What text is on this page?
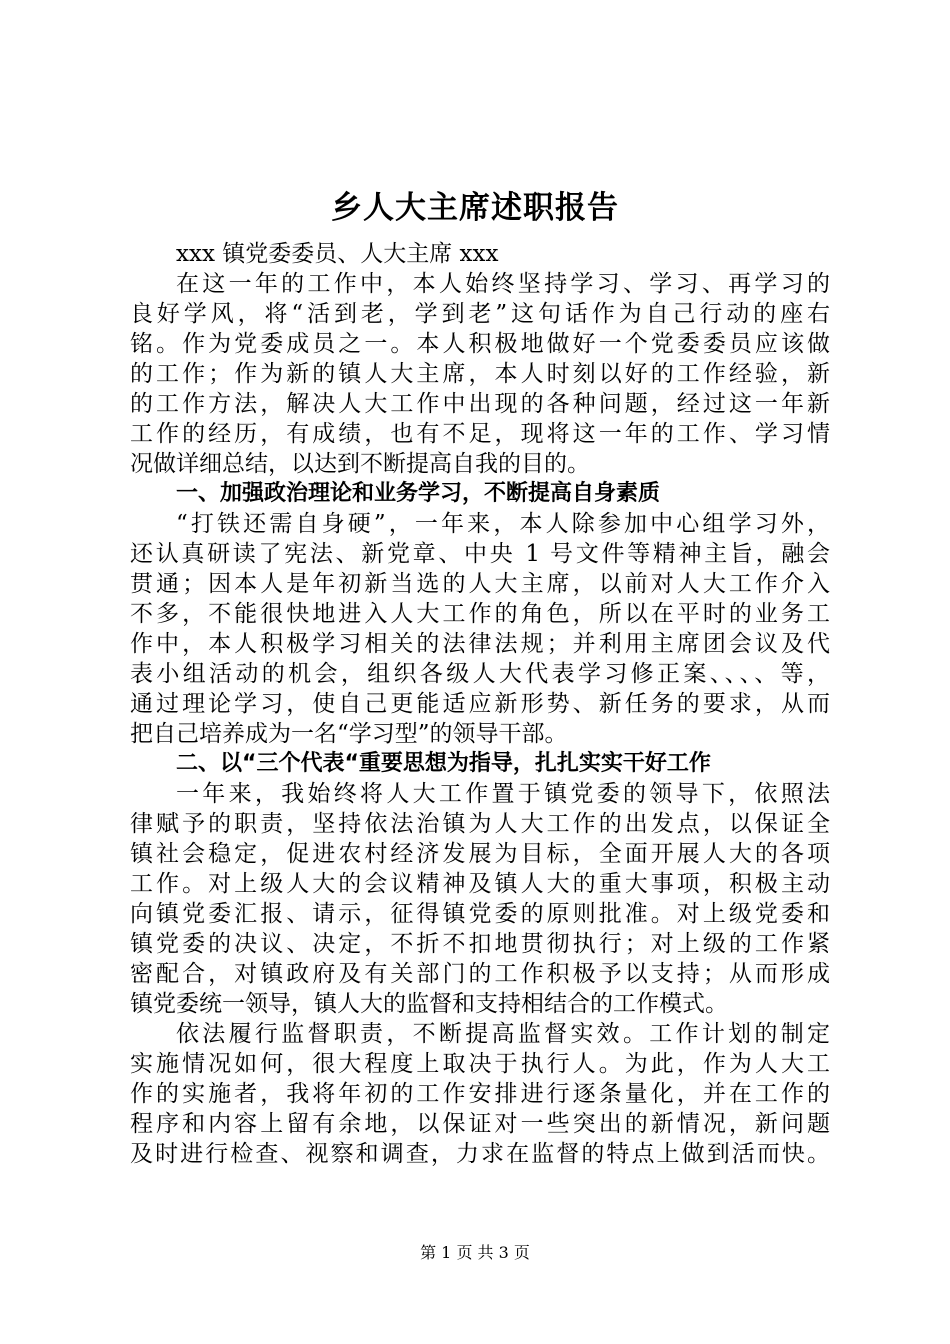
乡人大主席述职报告
xxx 镇党委委员、人大主席 xxx
在这一年的工作中，本人始终坚持学习、学习、再学习的
良好学风，将“活到老，学到老”这句话作为自己行动的座右
铭。作为党委成员之一。本人积极地做好一个党委委员应该做
的工作；作为新的镇人大主席，本人时刻以好的工作经验，新
的工作方法，解决人大工作中出现的各种问题，经过这一年新
工作的经历，有成绩，也有不足，现将这一年的工作、学习情
况做详细总结，以达到不断提高自我的目的。
一、加强政治理论和业务学习，不断提高自身素质
“打铁还需自身硬”，一年来，本人除参加中心组学习外，
还认真研读了宪法、新党章、中央 1 号文件等精神主旨，融会
贯通；因本人是年初新当选的人大主席，以前对人大工作介入
不多，不能很快地进入人大工作的角色，所以在平时的业务工
作中，本人积极学习相关的法律法规；并利用主席团会议及代
表小组活动的机会，组织各级人大代表学习修正案、、、、等，
通过理论学习，使自己更能适应新形势、新任务的要求，从而
把自己培养成为一名“学习型”的领导干部。
二、以“三个代表“重要思想为指导，扎扎实实干好工作
一年来，我始终将人大工作置于镇党委的领导下，依照法
律赋予的职责，坚持依法治镇为人大工作的出发点，以保证全
镇社会稳定，促进农村经济发展为目标，全面开展人大的各项
工作。对上级人大的会议精神及镇人大的重大事项，积极主动
向镇党委汇报、请示，征得镇党委的原则批准。对上级党委和
镇党委的决议、决定，不折不扣地贯彻执行；对上级的工作紧
密配合，对镇政府及有关部门的工作积极予以支持；从而形成
镇党委统一领导，镇人大的监督和支持相结合的工作模式。
依法履行监督职责，不断提高监督实效。工作计划的制定
实施情况如何，很大程度上取决于执行人。为此，作为人大工
作的实施者，我将年初的工作安排进行逐条量化，并在工作的
程序和内容上留有余地，以保证对一些突出的新情况，新问题
及时进行检查、视察和调查，力求在监督的特点上做到活而快。

第 1 页 共 3 页
